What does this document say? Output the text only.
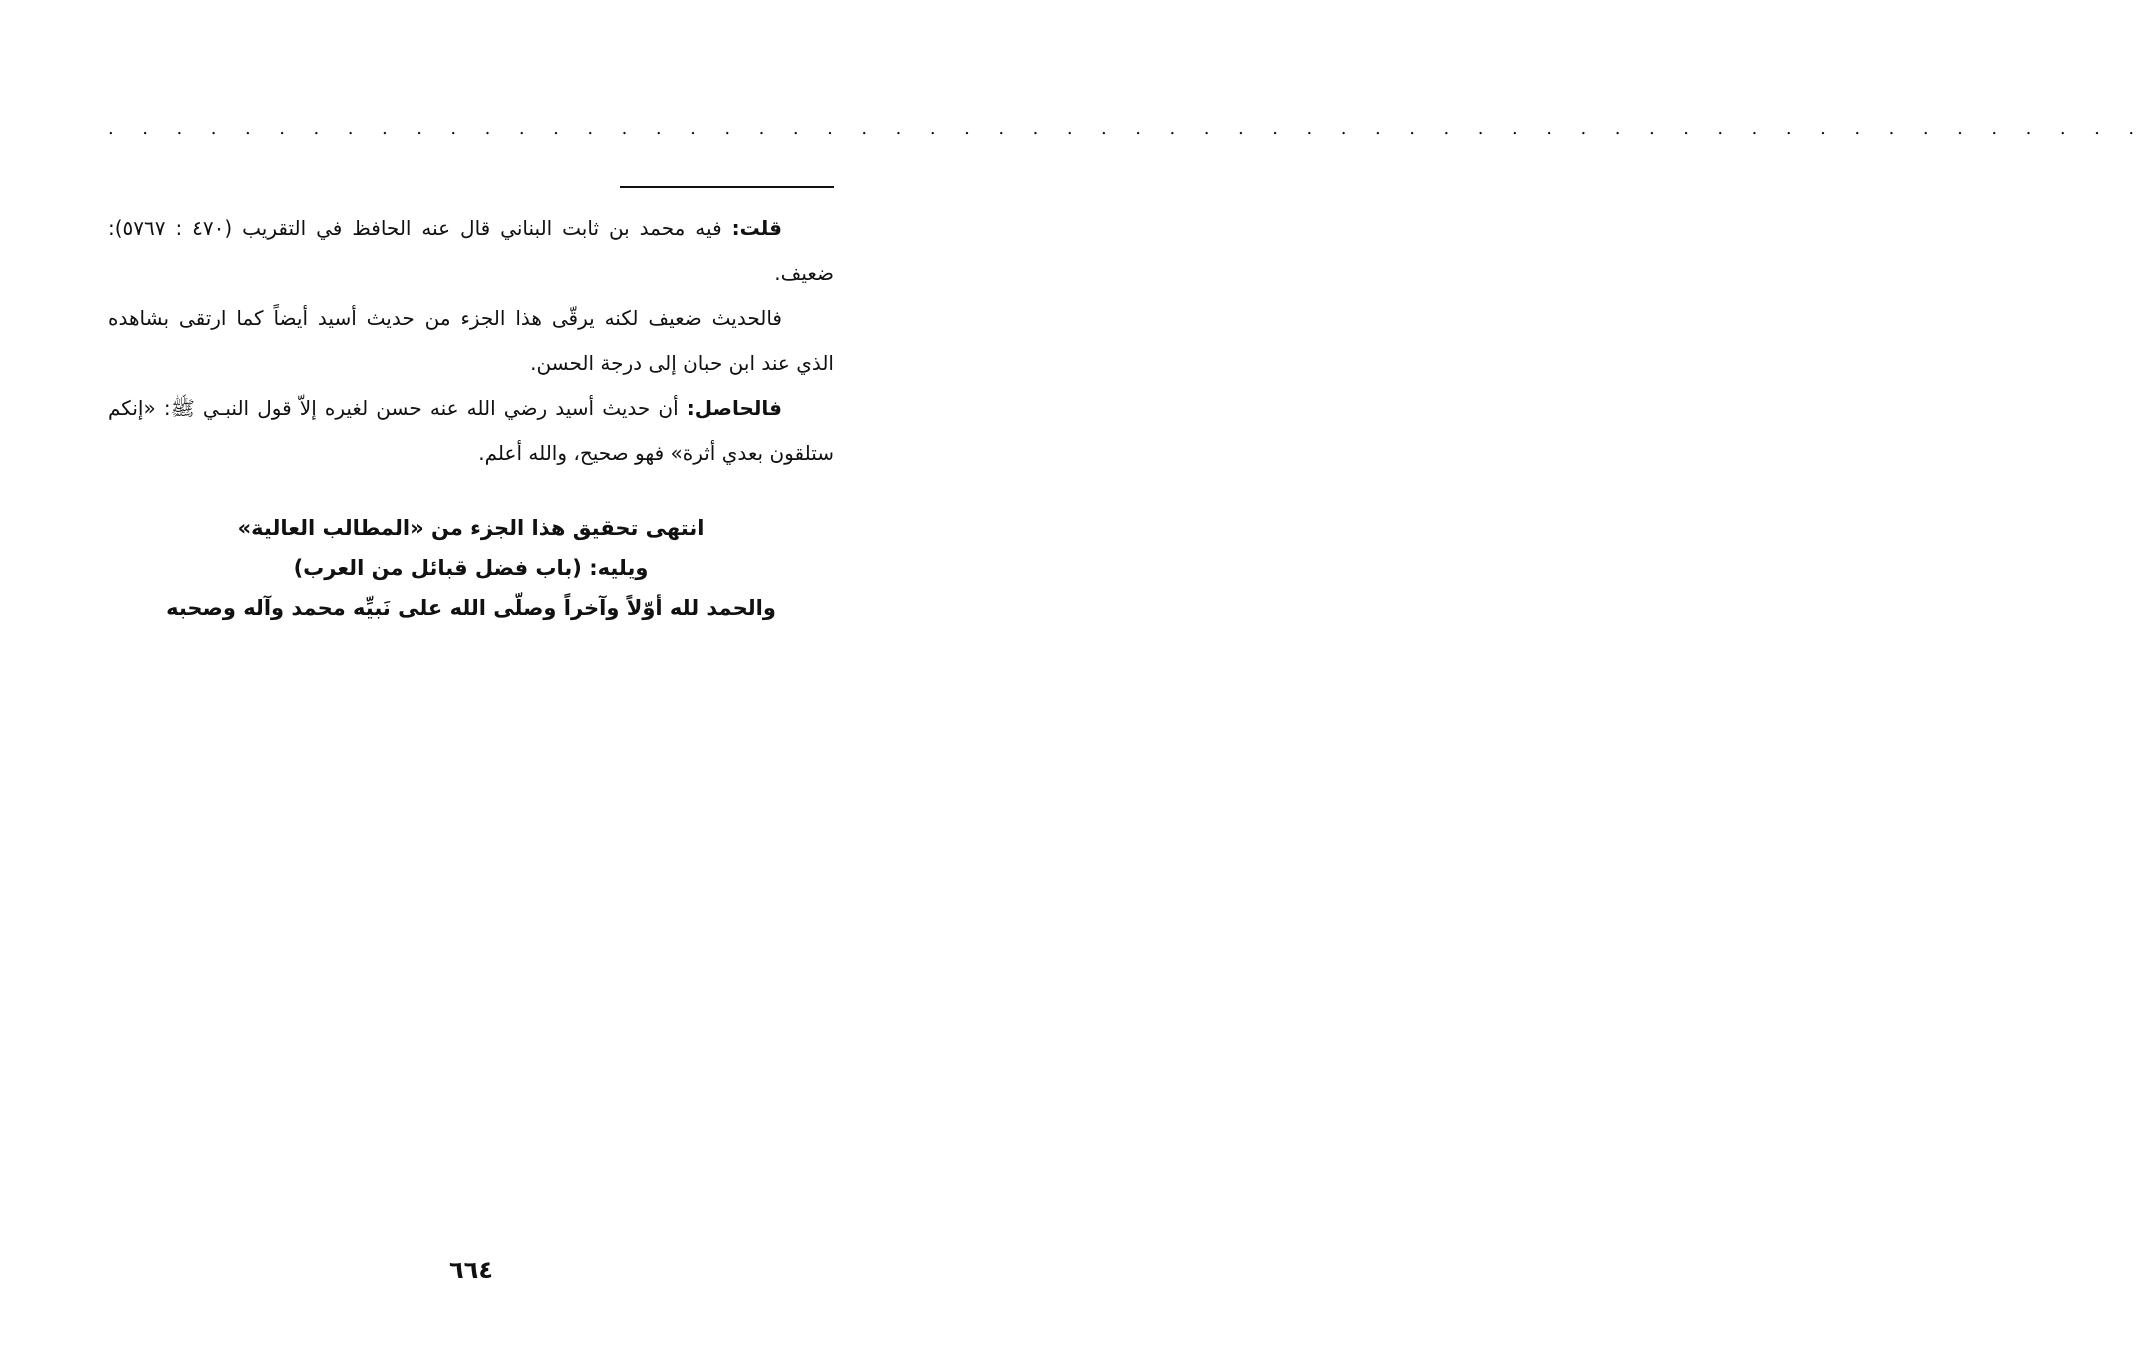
. . . . . . . . . . . . . . . . . . . . . . . . . . . . . . . . . . . . . . . . . . . . . . . . . . . . . . . . . . . .

قلت: فيه محمد بن ثابت البناني قال عنه الحافظ في التقريب (٤٧٠ : ٥٧٦٧): ضعيف.

فالحديث ضعيف لكنه يرقّى هذا الجزء من حديث أسيد أيضاً كما ارتقى بشاهده الذي عند ابن حبان إلى درجة الحسن.

فالحاصل: أن حديث أسيد رضي الله عنه حسن لغيره إلاّ قول النبـي ﷺ: «إنكم ستلقون بعدي أثرة» فهو صحيح، والله أعلم.

انتهى تحقيق هذا الجزء من «المطالب العالية»

ويليه: (باب فضل قبائل من العرب)

والحمد لله أوّلاً وآخراً وصلّى الله على نَبيِّه محمد وآله وصحبه

٦٦٤
